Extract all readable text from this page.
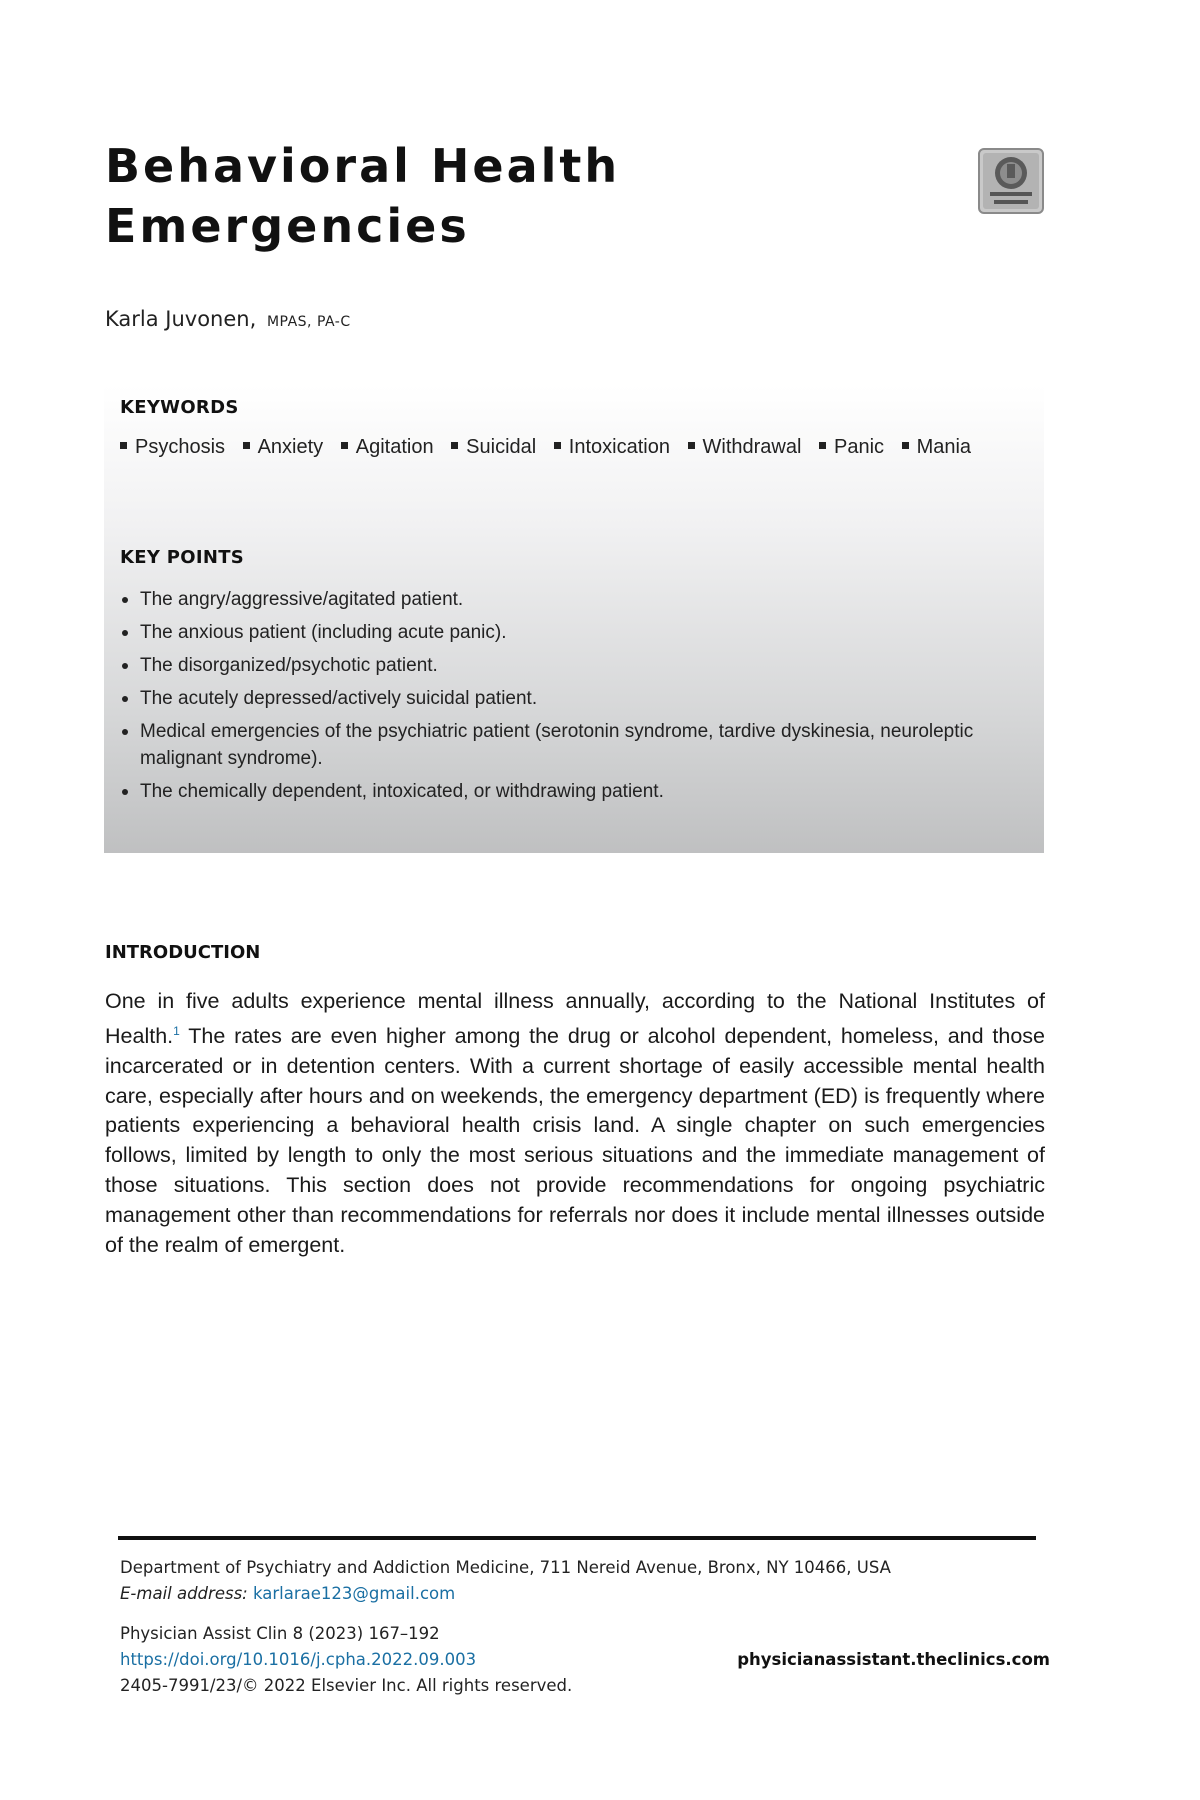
Behavioral Health
Emergencies
Karla Juvonen, MPAS, PA-C
KEYWORDS
Psychosis Anxiety Agitation Suicidal Intoxication Withdrawal Panic Mania
KEY POINTS
The angry/aggressive/agitated patient.
The anxious patient (including acute panic).
The disorganized/psychotic patient.
The acutely depressed/actively suicidal patient.
Medical emergencies of the psychiatric patient (serotonin syndrome, tardive dyskinesia, neuroleptic malignant syndrome).
The chemically dependent, intoxicated, or withdrawing patient.
INTRODUCTION

One in five adults experience mental illness annually, according to the National Institutes of Health.$^1$ The rates are even higher among the drug or alcohol dependent, homeless, and those incarcerated or in detention centers. With a current shortage of easily accessible mental health care, especially after hours and on weekends, the emergency department (ED) is frequently where patients experiencing a behavioral health crisis land. A single chapter on such emergencies follows, limited by length to only the most serious situations and the immediate management of those situations. This section does not provide recommendations for ongoing psychiatric management other than recommendations for referrals nor does it include mental illnesses outside of the realm of emergent.

Department of Psychiatry and Addiction Medicine, 711 Nereid Avenue, Bronx, NY 10466, USA
E-mail address: karlarae123@gmail.com
Physician Assist Clin 8 (2023) 167–192
https://doi.org/10.1016/j.cpha.2022.09.003	physicianassistant.theclinics.com
2405-7991/23/© 2022 Elsevier Inc. All rights reserved.
